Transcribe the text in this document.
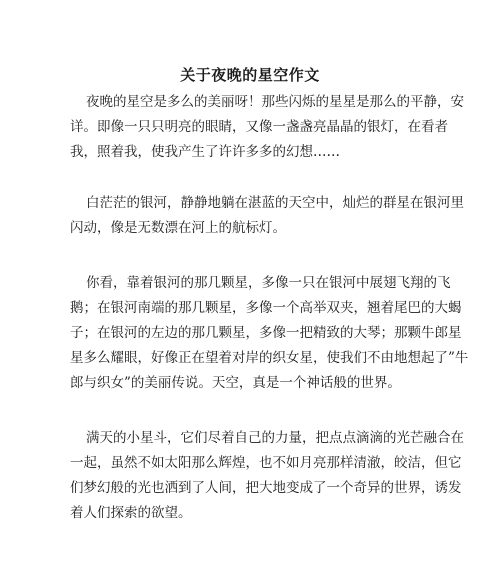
关于夜晚的星空作文

夜晚的星空是多么的美丽呀！那些闪烁的星星是那么的平静，安详。即像一只只明亮的眼睛，又像一盏盏亮晶晶的银灯，在看者我，照着我，使我产生了许许多多的幻想……

白茫茫的银河，静静地躺在湛蓝的天空中，灿烂的群星在银河里闪动，像是无数漂在河上的航标灯。

你看，靠着银河的那几颗星，多像一只在银河中展翅飞翔的飞鹅；在银河南端的那几颗星，多像一个高举双夹，翘着尾巴的大蝎子；在银河的左边的那几颗星，多像一把精致的大琴；那颗牛郎星星多么耀眼，好像正在望着对岸的织女星，使我们不由地想起了”牛郎与织女”的美丽传说。天空，真是一个神话般的世界。

满天的小星斗，它们尽着自己的力量，把点点滴滴的光芒融合在一起，虽然不如太阳那么辉煌，也不如月亮那样清澈，皎洁，但它们梦幻般的光也洒到了人间，把大地变成了一个奇异的世界，诱发着人们探索的欲望。
